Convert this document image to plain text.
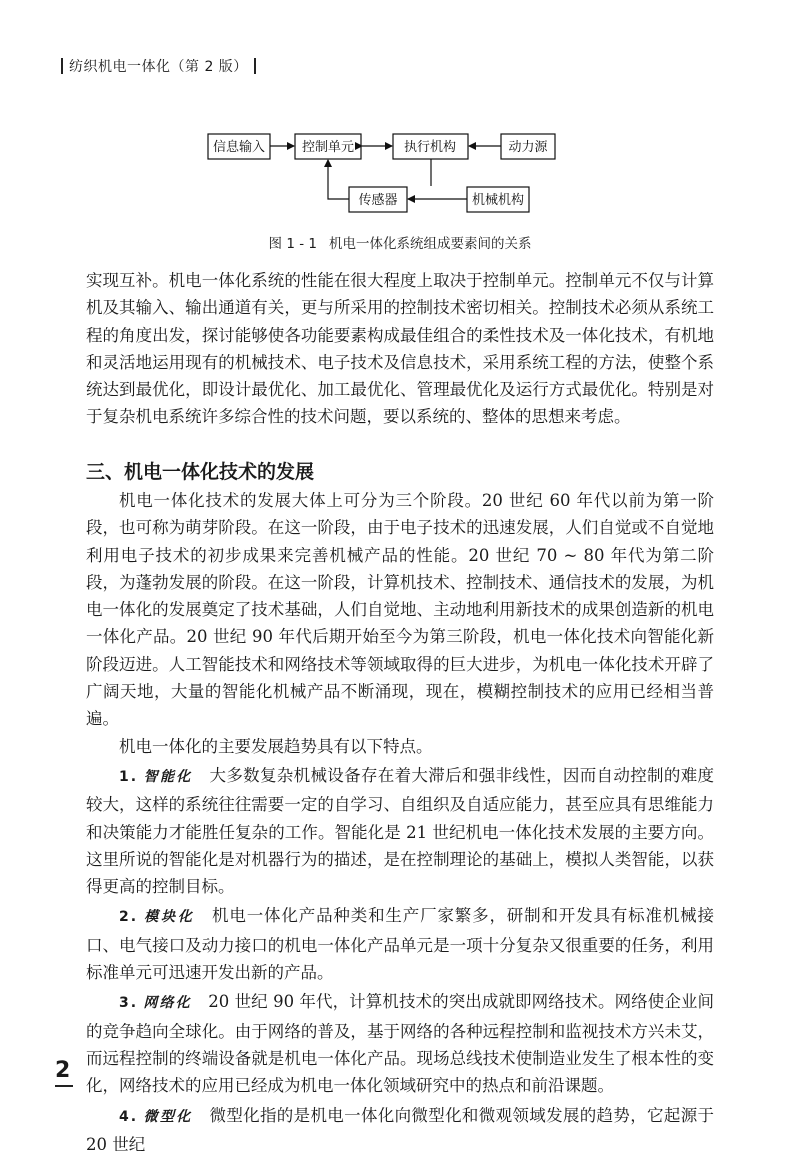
纺织机电一体化（第 2 版）
信息输入	控制单元	执行机构	动力源
传感器	机械机构
图 1 - 1 机电一体化系统组成要素间的关系

实现互补。机电一体化系统的性能在很大程度上取决于控制单元。控制单元不仅与计算机及其输入、输出通道有关，更与所采用的控制技术密切相关。控制技术必须从系统工程的角度出发，探讨能够使各功能要素构成最佳组合的柔性技术及一体化技术，有机地和灵活地运用现有的机械技术、电子技术及信息技术，采用系统工程的方法，使整个系统达到最优化，即设计最优化、加工最优化、管理最优化及运行方式最优化。特别是对于复杂机电系统许多综合性的技术问题，要以系统的、整体的思想来考虑。

三、机电一体化技术的发展

机电一体化技术的发展大体上可分为三个阶段。20 世纪 60 年代以前为第一阶段，也可称为萌芽阶段。在这一阶段，由于电子技术的迅速发展，人们自觉或不自觉地利用电子技术的初步成果来完善机械产品的性能。20 世纪 70 ~ 80 年代为第二阶段，为蓬勃发展的阶段。在这一阶段，计算机技术、控制技术、通信技术的发展，为机电一体化的发展奠定了技术基础，人们自觉地、主动地利用新技术的成果创造新的机电一体化产品。20 世纪 90 年代后期开始至今为第三阶段，机电一体化技术向智能化新阶段迈进。人工智能技术和网络技术等领域取得的巨大进步，为机电一体化技术开辟了广阔天地，大量的智能化机械产品不断涌现，现在，模糊控制技术的应用已经相当普遍。

机电一体化的主要发展趋势具有以下特点。

1. 智能化　 大多数复杂机械设备存在着大滞后和强非线性，因而自动控制的难度较大，这样的系统往往需要一定的自学习、自组织及自适应能力，甚至应具有思维能力和决策能力才能胜任复杂的工作。智能化是 21 世纪机电一体化技术发展的主要方向。这里所说的智能化是对机器行为的描述，是在控制理论的基础上，模拟人类智能，以获得更高的控制目标。

2. 模块化　 机电一体化产品种类和生产厂家繁多，研制和开发具有标准机械接口、电气接口及动力接口的机电一体化产品单元是一项十分复杂又很重要的任务，利用标准单元可迅速开发出新的产品。

3. 网络化　 20 世纪 90 年代，计算机技术的突出成就即网络技术。网络使企业间的竞争趋向全球化。由于网络的普及，基于网络的各种远程控制和监视技术方兴未艾，而远程控制的终端设备就是机电一体化产品。现场总线技术使制造业发生了根本性的变化，网络技术的应用已经成为机电一体化领域研究中的热点和前沿课题。

4. 微型化　 微型化指的是机电一体化向微型化和微观领域发展的趋势，它起源于 20 世纪

2
